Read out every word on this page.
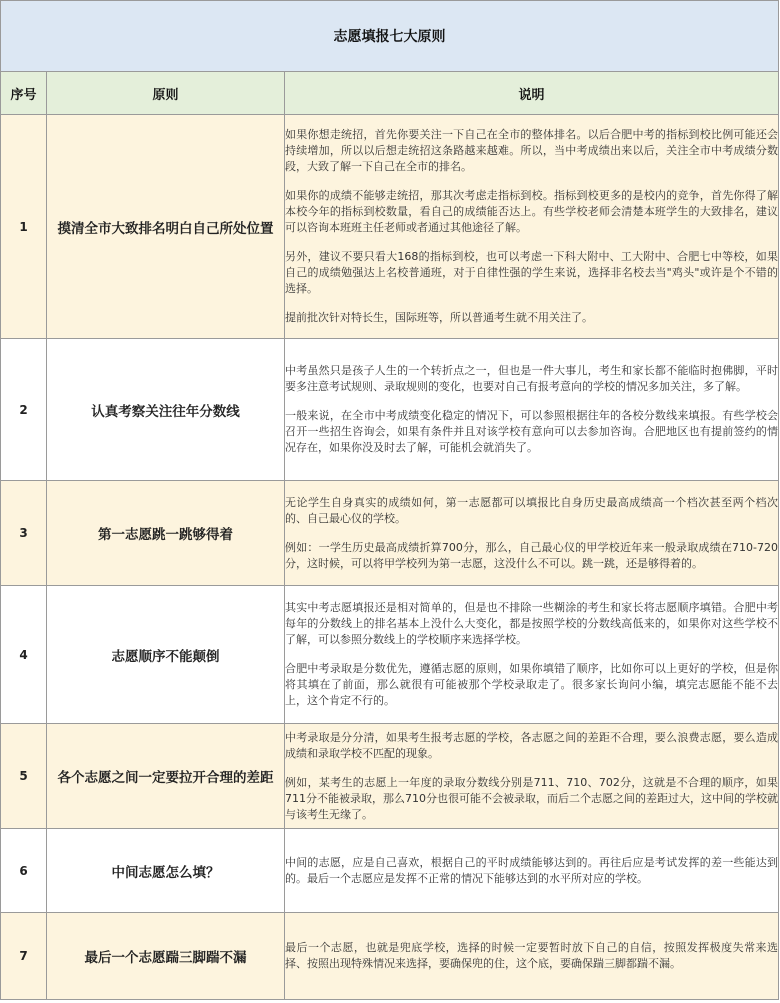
志愿填报七大原则		
序号	原则	说明
1	摸清全市大致排名明白自己所处位置	如果你想走统招，首先你要关注一下自己在全市的整体排名。以后合肥中考的指标到校比例可能还会持续增加，所以以后想走统招这条路越来越难。所以，当中考成绩出来以后，关注全市中考成绩分数段，大致了解一下自己在全市的排名。

如果你的成绩不能够走统招，那其次考虑走指标到校。指标到校更多的是校内的竞争，首先你得了解本校今年的指标到校数量，看自己的成绩能否达上。有些学校老师会清楚本班学生的大致排名，建议可以咨询本班班主任老师或者通过其他途径了解。

另外，建议不要只看大168的指标到校，也可以考虑一下科大附中、工大附中、合肥七中等校，如果自己的成绩勉强达上名校普通班，对于自律性强的学生来说，选择非名校去当"鸡头"或许是个不错的选择。

提前批次针对特长生，国际班等，所以普通考生就不用关注了。

2	认真考察关注往年分数线	中考虽然只是孩子人生的一个转折点之一，但也是一件大事儿，考生和家长都不能临时抱佛脚，平时要多注意考试规则、录取规则的变化，也要对自己有报考意向的学校的情况多加关注，多了解。

一般来说，在全市中考成绩变化稳定的情况下，可以参照根据往年的各校分数线来填报。有些学校会召开一些招生咨询会，如果有条件并且对该学校有意向可以去参加咨询。合肥地区也有提前签约的情况存在，如果你没及时去了解，可能机会就消失了。

3	第一志愿跳一跳够得着	无论学生自身真实的成绩如何，第一志愿都可以填报比自身历史最高成绩高一个档次甚至两个档次的、自己最心仪的学校。

例如：一学生历史最高成绩折算700分，那么，自己最心仪的甲学校近年来一般录取成绩在710-720分，这时候，可以将甲学校列为第一志愿，这没什么不可以。跳一跳，还是够得着的。

4	志愿顺序不能颠倒	其实中考志愿填报还是相对简单的，但是也不排除一些糊涂的考生和家长将志愿顺序填错。合肥中考每年的分数线上的排名基本上没什么大变化，都是按照学校的分数线高低来的，如果你对这些学校不了解，可以参照分数线上的学校顺序来选择学校。

合肥中考录取是分数优先，遵循志愿的原则，如果你填错了顺序，比如你可以上更好的学校，但是你将其填在了前面，那么就很有可能被那个学校录取走了。很多家长询问小编，填完志愿能不能不去上，这个肯定不行的。

5	各个志愿之间一定要拉开合理的差距	中考录取是分分清，如果考生报考志愿的学校，各志愿之间的差距不合理，要么浪费志愿，要么造成成绩和录取学校不匹配的现象。

例如，某考生的志愿上一年度的录取分数线分别是711、710、702分，这就是不合理的顺序，如果711分不能被录取，那么710分也很可能不会被录取，而后二个志愿之间的差距过大，这中间的学校就与该考生无缘了。

6	中间志愿怎么填？	中间的志愿，应是自己喜欢，根据自己的平时成绩能够达到的。再往后应是考试发挥的差一些能达到的。最后一个志愿应是发挥不正常的情况下能够达到的水平所对应的学校。

7	最后一个志愿踹三脚踹不漏	最后一个志愿，也就是兜底学校，选择的时候一定要暂时放下自己的自信，按照发挥极度失常来选择、按照出现特殊情况来选择，要确保兜的住，这个底，要确保踹三脚都踹不漏。
